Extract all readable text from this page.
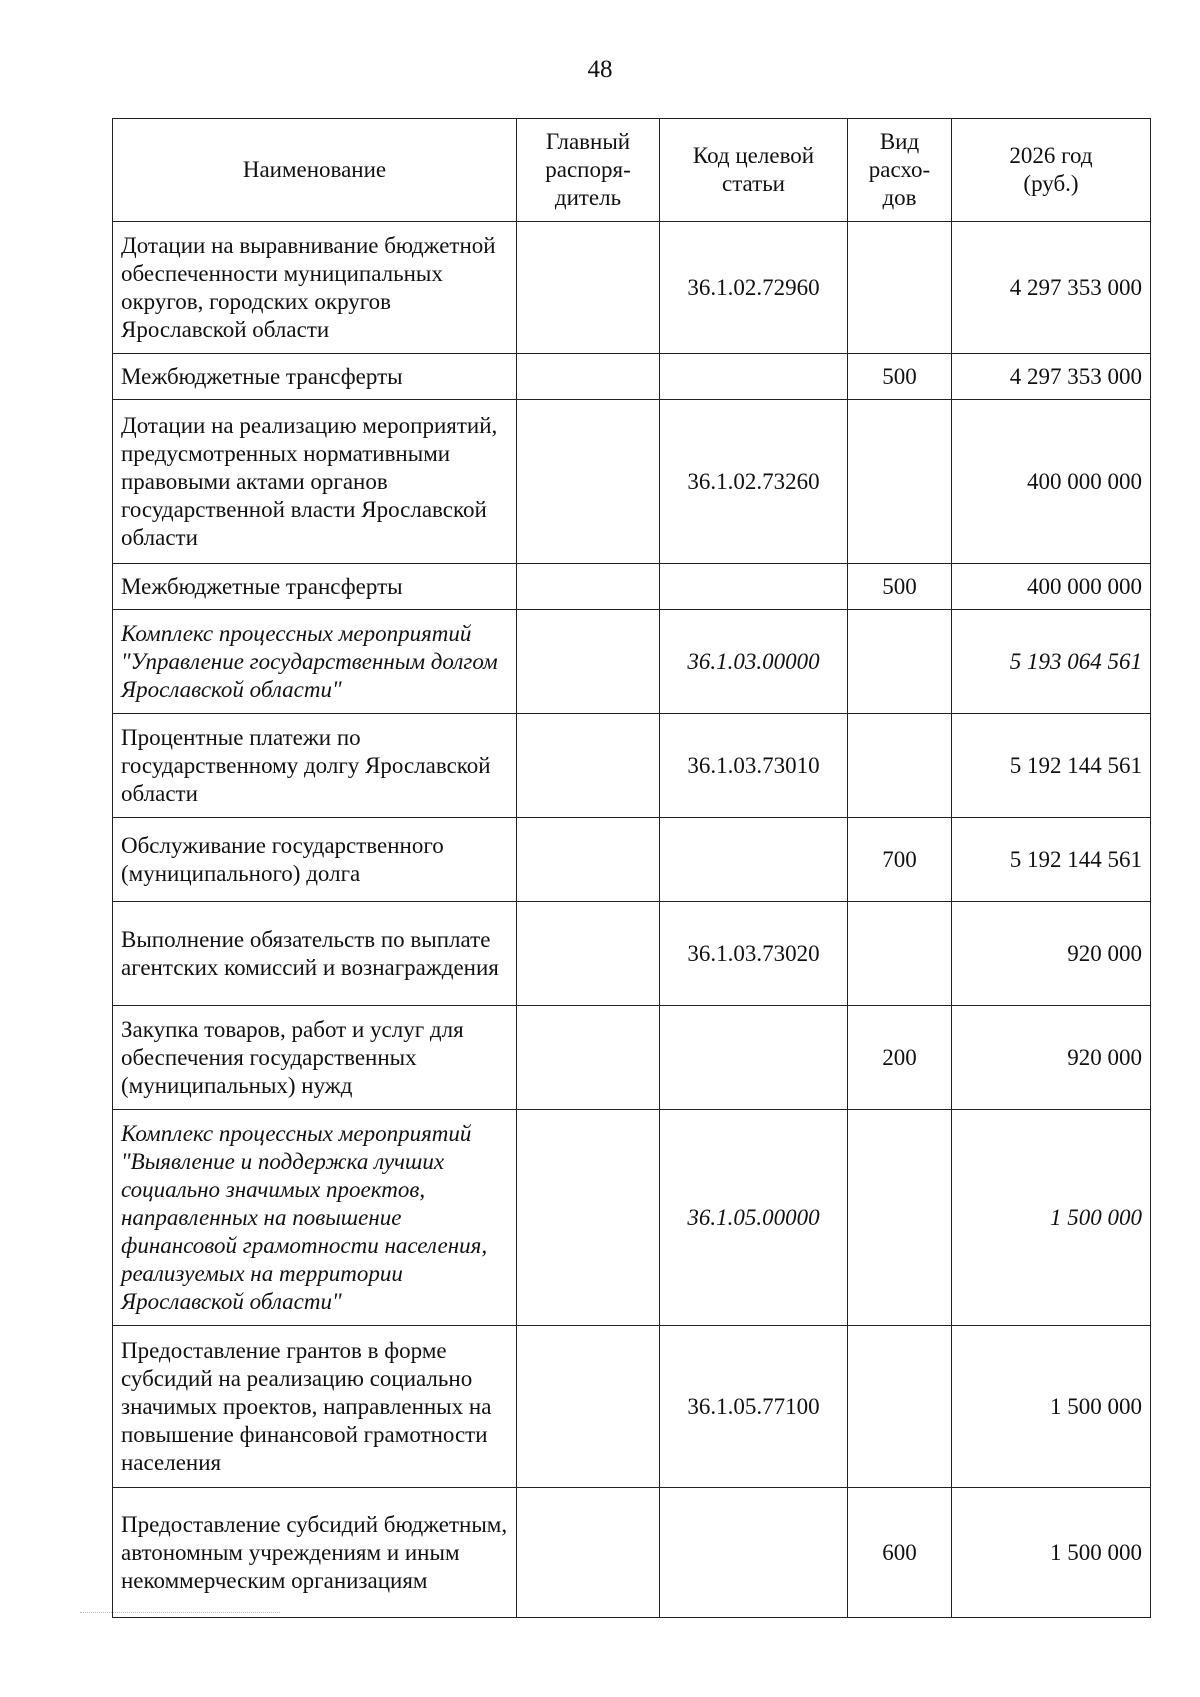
48
Наименование	Главный распоря-дитель	Код целевой статьи	Вид расхо-дов	2026 год (руб.)
Дотации на выравнивание бюджетной обеспеченности муниципальных округов, городских округов Ярославской области		36.1.02.72960		4 297 353 000
Межбюджетные трансферты			500	4 297 353 000
Дотации на реализацию мероприятий, предусмотренных нормативными правовыми актами органов государственной власти Ярославской области		36.1.02.73260		400 000 000
Межбюджетные трансферты			500	400 000 000
Комплекс процессных мероприятий "Управление государственным долгом Ярославской области"		36.1.03.00000		5 193 064 561
Процентные платежи по государственному долгу Ярославской области		36.1.03.73010		5 192 144 561
Обслуживание государственного (муниципального) долга			700	5 192 144 561
Выполнение обязательств по выплате агентских комиссий и вознаграждения		36.1.03.73020		920 000
Закупка товаров, работ и услуг для обеспечения государственных (муниципальных) нужд			200	920 000
Комплекс процессных мероприятий "Выявление и поддержка лучших социально значимых проектов, направленных на повышение финансовой грамотности населения, реализуемых на территории Ярославской области"		36.1.05.00000		1 500 000
Предоставление грантов в форме субсидий на реализацию социально значимых проектов, направленных на повышение финансовой грамотности населения		36.1.05.77100		1 500 000
Предоставление субсидий бюджетным, автономным учреждениям и иным некоммерческим организациям			600	1 500 000
